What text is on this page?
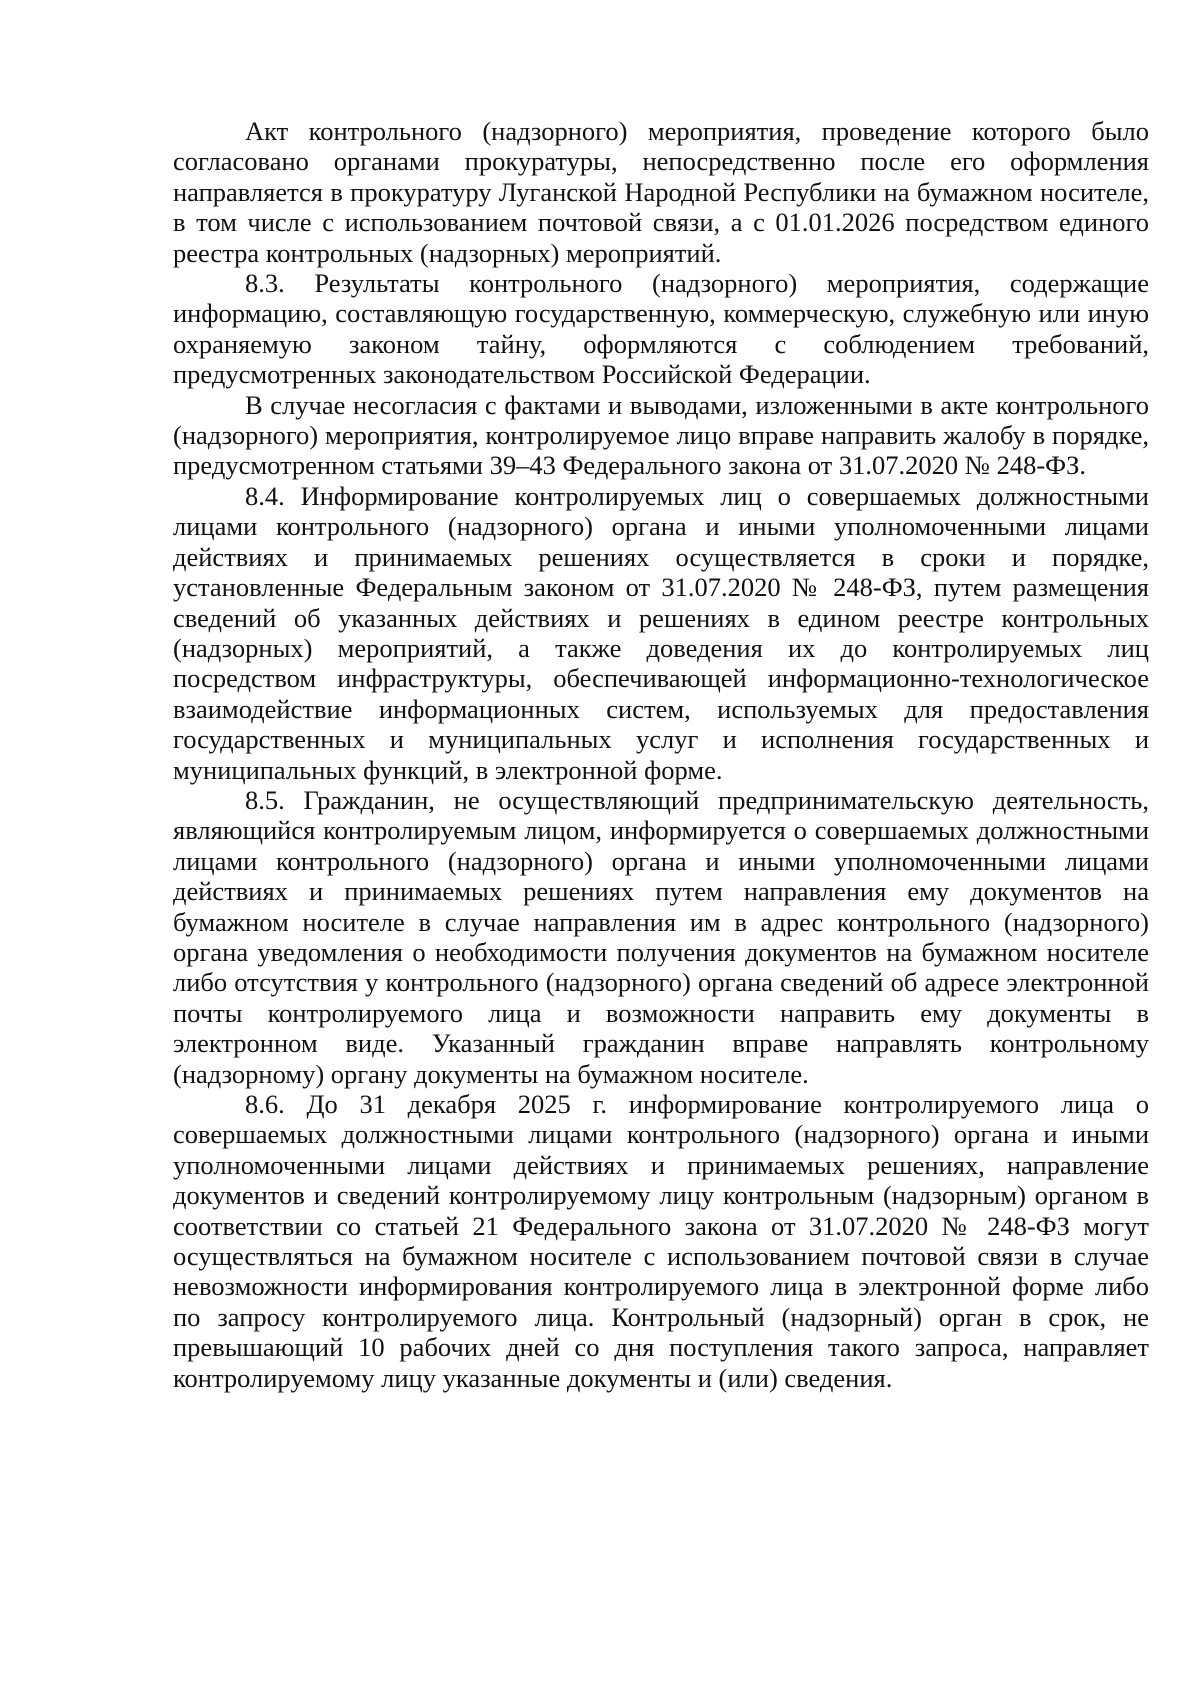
Акт контрольного (надзорного) мероприятия, проведение которого было согласовано органами прокуратуры, непосредственно после его оформления направляется в прокуратуру Луганской Народной Республики на бумажном носителе, в том числе с использованием почтовой связи, а с 01.01.2026 посредством единого реестра контрольных (надзорных) мероприятий.

8.3. Результаты контрольного (надзорного) мероприятия, содержащие информацию, составляющую государственную, коммерческую, служебную или иную охраняемую законом тайну, оформляются с соблюдением требований, предусмотренных законодательством Российской Федерации.

В случае несогласия с фактами и выводами, изложенными в акте контрольного (надзорного) мероприятия, контролируемое лицо вправе направить жалобу в порядке, предусмотренном статьями 39–43 Федерального закона от 31.07.2020 № 248-ФЗ.

8.4. Информирование контролируемых лиц о совершаемых должностными лицами контрольного (надзорного) органа и иными уполномоченными лицами действиях и принимаемых решениях осуществляется в сроки и порядке, установленные Федеральным законом от 31.07.2020 № 248-ФЗ, путем размещения сведений об указанных действиях и решениях в едином реестре контрольных (надзорных) мероприятий, а также доведения их до контролируемых лиц посредством инфраструктуры, обеспечивающей информационно-технологическое взаимодействие информационных систем, используемых для предоставления государственных и муниципальных услуг и исполнения государственных и муниципальных функций, в электронной форме.

8.5. Гражданин, не осуществляющий предпринимательскую деятельность, являющийся контролируемым лицом, информируется о совершаемых должностными лицами контрольного (надзорного) органа и иными уполномоченными лицами действиях и принимаемых решениях путем направления ему документов на бумажном носителе в случае направления им в адрес контрольного (надзорного) органа уведомления о необходимости получения документов на бумажном носителе либо отсутствия у контрольного (надзорного) органа сведений об адресе электронной почты контролируемого лица и возможности направить ему документы в электронном виде. Указанный гражданин вправе направлять контрольному (надзорному) органу документы на бумажном носителе.

8.6. До 31 декабря 2025 г. информирование контролируемого лица о совершаемых должностными лицами контрольного (надзорного) органа и иными уполномоченными лицами действиях и принимаемых решениях, направление документов и сведений контролируемому лицу контрольным (надзорным) органом в соответствии со статьей 21 Федерального закона от 31.07.2020 № 248-ФЗ могут осуществляться на бумажном носителе с использованием почтовой связи в случае невозможности информирования контролируемого лица в электронной форме либо по запросу контролируемого лица. Контрольный (надзорный) орган в срок, не превышающий 10 рабочих дней со дня поступления такого запроса, направляет контролируемому лицу указанные документы и (или) сведения.
